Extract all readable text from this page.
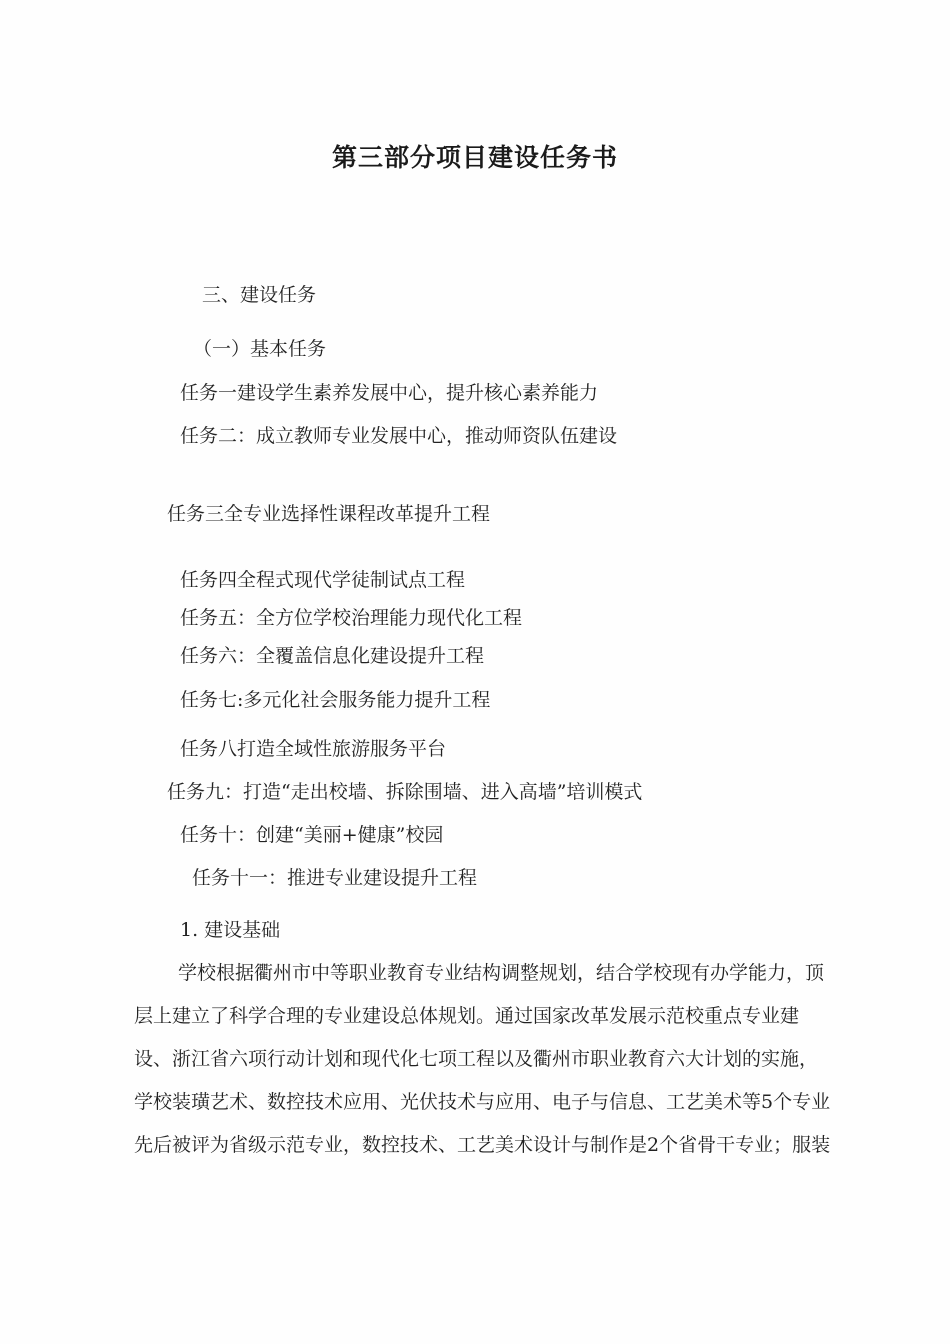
第三部分项目建设任务书
三、建设任务
（一）基本任务
任务一建设学生素养发展中心，提升核心素养能力
任务二：成立教师专业发展中心，推动师资队伍建设
任务三全专业选择性课程改革提升工程
任务四全程式现代学徒制试点工程
任务五：全方位学校治理能力现代化工程
任务六：全覆盖信息化建设提升工程
任务七:多元化社会服务能力提升工程
任务八打造全域性旅游服务平台
任务九：打造“走出校墙、拆除围墙、进入高墙”培训模式
任务十：创建“美丽+健康”校园
任务十一：推进专业建设提升工程
1. 建设基础
学校根据衢州市中等职业教育专业结构调整规划，结合学校现有办学能力，顶层上建立了科学合理的专业建设总体规划。通过国家改革发展示范校重点专业建设、浙江省六项行动计划和现代化七项工程以及衢州市职业教育六大计划的实施，学校装璜艺术、数控技术应用、光伏技术与应用、电子与信息、工艺美术等5个专业先后被评为省级示范专业，数控技术、工艺美术设计与制作是2个省骨干专业；服装
